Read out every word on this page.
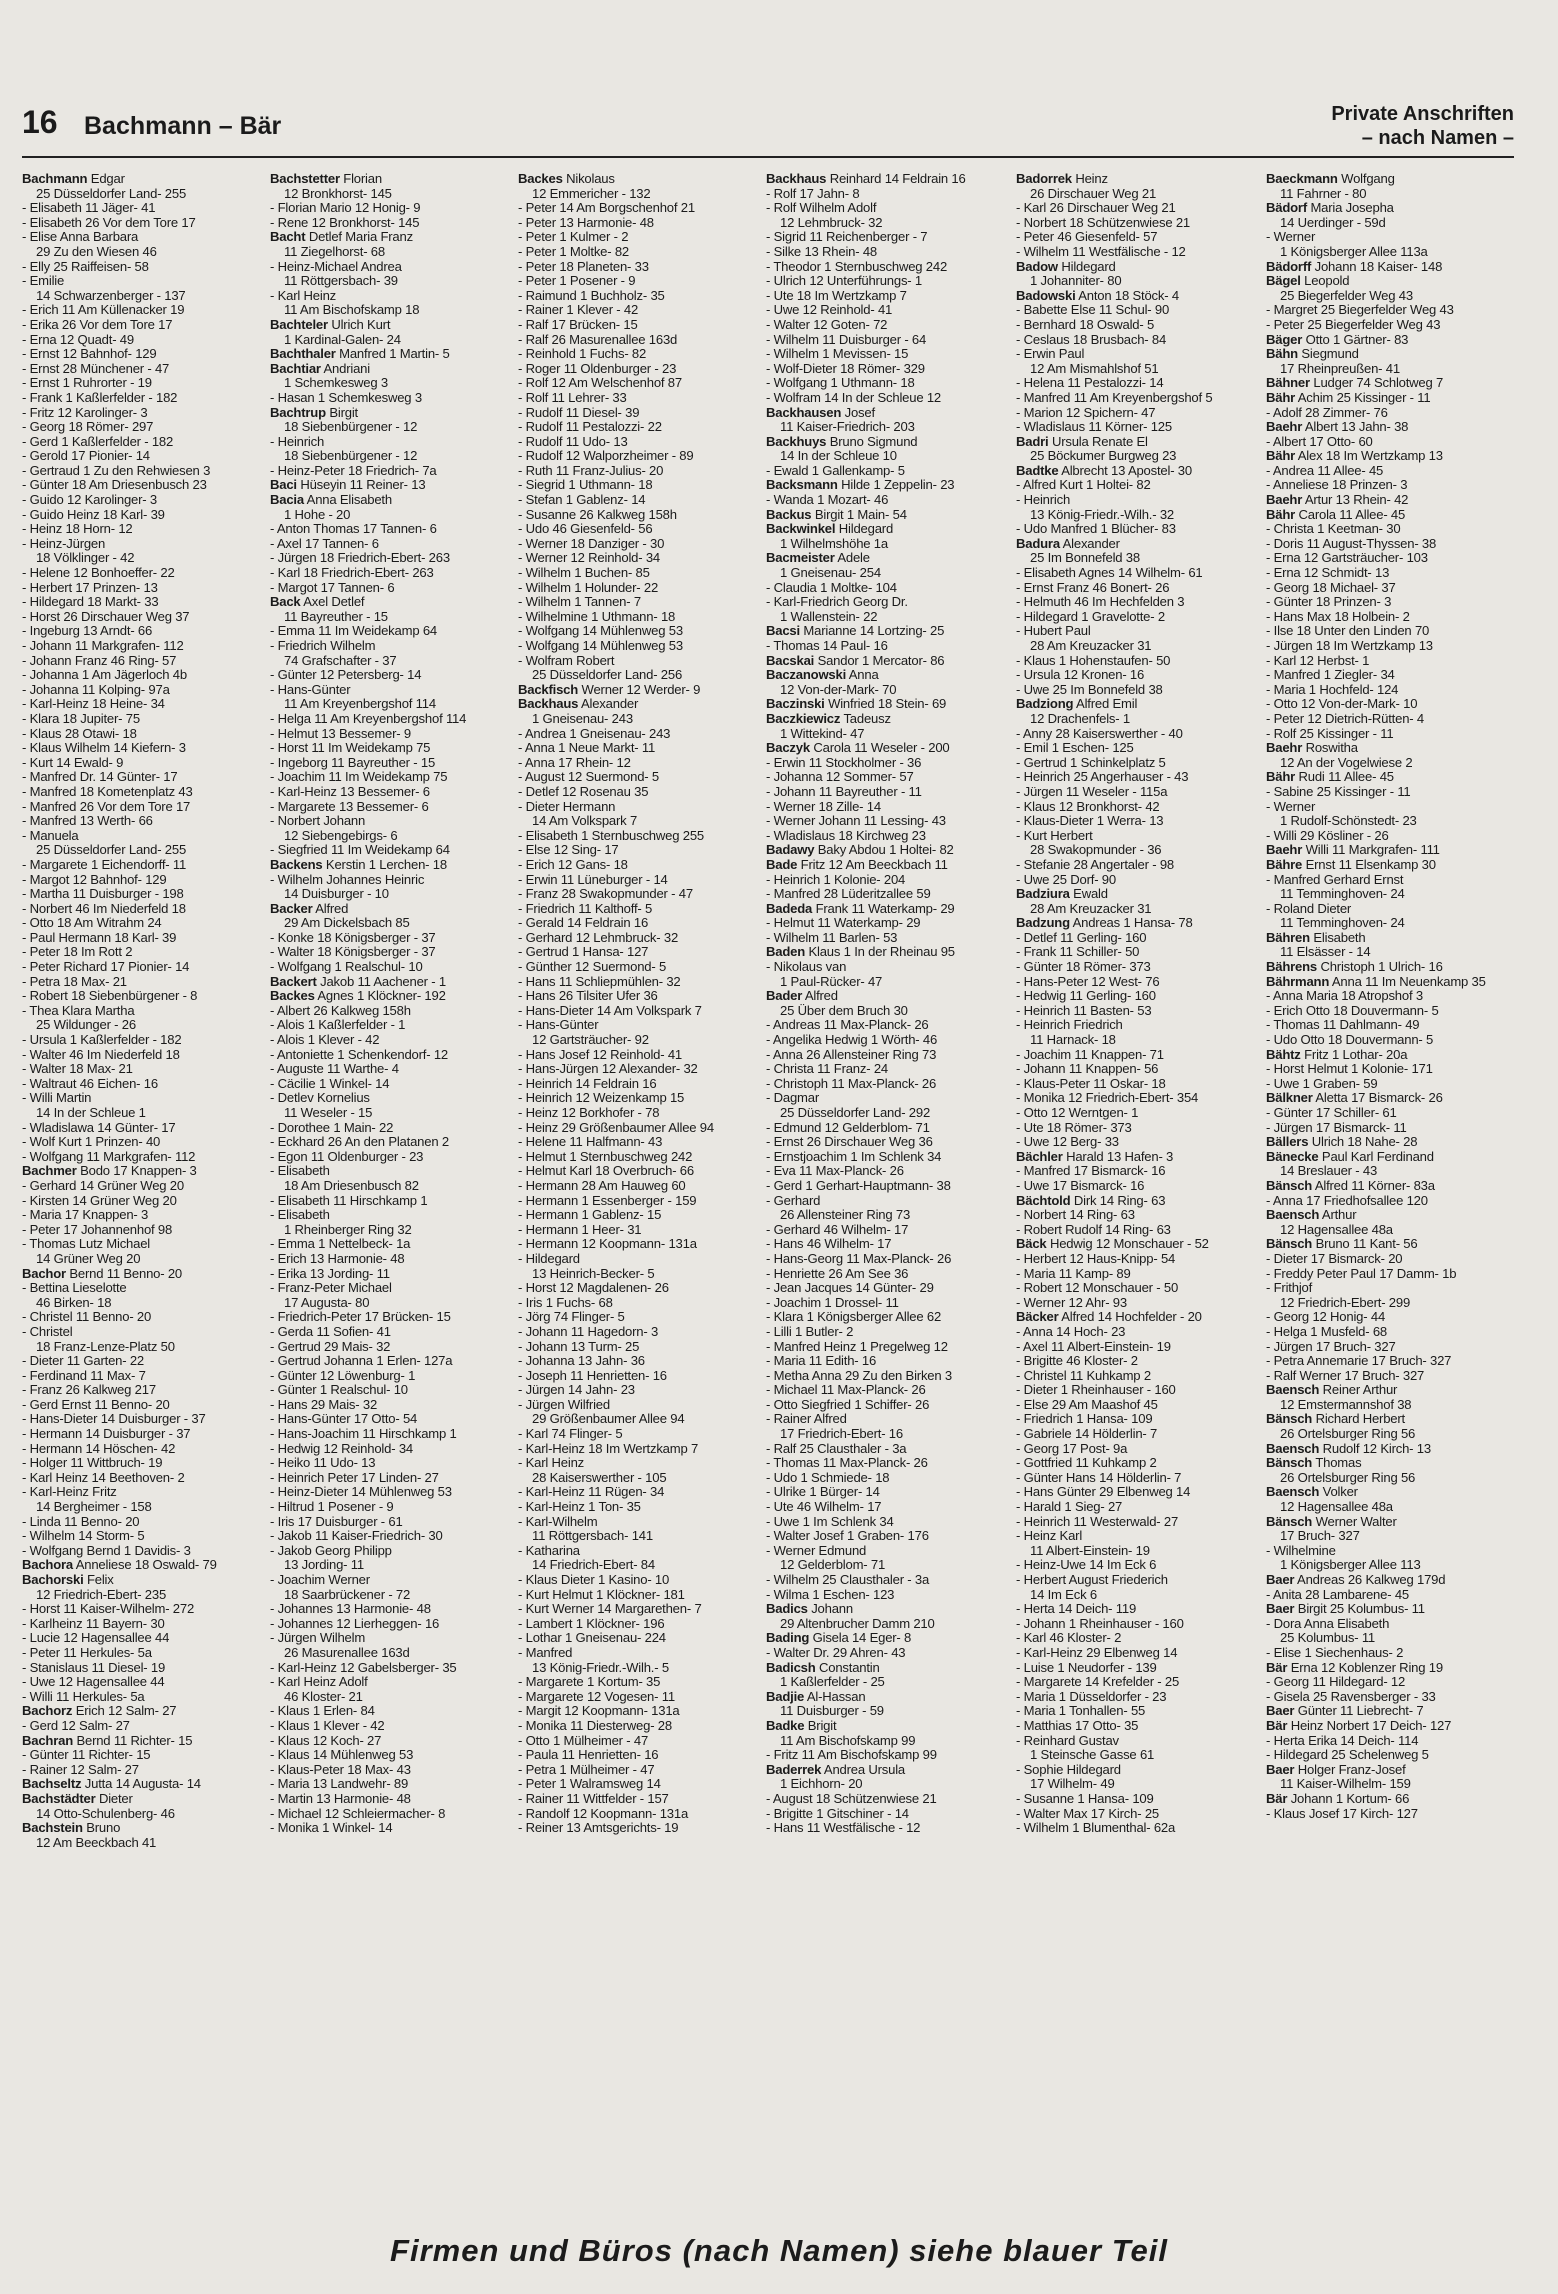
16 Bachmann – Bär	Private Anschriften
– nach Namen –
Bachmann Edgar
25 Düsseldorfer Land- 255
- Elisabeth 11 Jäger- 41
- Elisabeth 26 Vor dem Tore 17
- Elise Anna Barbara
29 Zu den Wiesen 46
- Elly 25 Raiffeisen- 58
- Emilie
14 Schwarzenberger - 137
- Erich 11 Am Küllenacker 19
- Erika 26 Vor dem Tore 17
- Erna 12 Quadt- 49
- Ernst 12 Bahnhof- 129
- Ernst 28 Münchener - 47
- Ernst 1 Ruhrorter - 19
- Frank 1 Kaßlerfelder - 182
- Fritz 12 Karolinger- 3
- Georg 18 Römer- 297
- Gerd 1 Kaßlerfelder - 182
- Gerold 17 Pionier- 14
- Gertraud 1 Zu den Rehwiesen 3
- Günter 18 Am Driesenbusch 23
- Guido 12 Karolinger- 3
- Guido Heinz 18 Karl- 39
- Heinz 18 Horn- 12
- Heinz-Jürgen
18 Völklinger - 42
- Helene 12 Bonhoeffer- 22
- Herbert 17 Prinzen- 13
- Hildegard 18 Markt- 33
- Horst 26 Dirschauer Weg 37
- Ingeburg 13 Arndt- 66
- Johann 11 Markgrafen- 112
- Johann Franz 46 Ring- 57
- Johanna 1 Am Jägerloch 4b
- Johanna 11 Kolping- 97a
- Karl-Heinz 18 Heine- 34
- Klara 18 Jupiter- 75
- Klaus 28 Otawi- 18
- Klaus Wilhelm 14 Kiefern- 3
- Kurt 14 Ewald- 9
- Manfred Dr. 14 Günter- 17
- Manfred 18 Kometenplatz 43
- Manfred 26 Vor dem Tore 17
- Manfred 13 Werth- 66
- Manuela
25 Düsseldorfer Land- 255
- Margarete 1 Eichendorff- 11
- Margot 12 Bahnhof- 129
- Martha 11 Duisburger - 198
- Norbert 46 Im Niederfeld 18
- Otto 18 Am Witrahm 24
- Paul Hermann 18 Karl- 39
- Peter 18 Im Rott 2
- Peter Richard 17 Pionier- 14
- Petra 18 Max- 21
- Robert 18 Siebenbürgener - 8
- Thea Klara Martha
25 Wildunger - 26
- Ursula 1 Kaßlerfelder - 182
- Walter 46 Im Niederfeld 18
- Walter 18 Max- 21
- Waltraut 46 Eichen- 16
- Willi Martin
14 In der Schleue 1
- Wladislawa 14 Günter- 17
- Wolf Kurt 1 Prinzen- 40
- Wolfgang 11 Markgrafen- 112
Bachmer Bodo 17 Knappen- 3
- Gerhard 14 Grüner Weg 20
- Kirsten 14 Grüner Weg 20
- Maria 17 Knappen- 3
- Peter 17 Johannenhof 98
- Thomas Lutz Michael
14 Grüner Weg 20
Bachor Bernd 11 Benno- 20
- Bettina Lieselotte
46 Birken- 18
- Christel 11 Benno- 20
- Christel
18 Franz-Lenze-Platz 50
- Dieter 11 Garten- 22
- Ferdinand 11 Max- 7
- Franz 26 Kalkweg 217
- Gerd Ernst 11 Benno- 20
- Hans-Dieter 14 Duisburger - 37
- Hermann 14 Duisburger - 37
- Hermann 14 Höschen- 42
- Holger 11 Wittbruch- 19
- Karl Heinz 14 Beethoven- 2
- Karl-Heinz Fritz
14 Bergheimer - 158
- Linda 11 Benno- 20
- Wilhelm 14 Storm- 5
- Wolfgang Bernd 1 Davidis- 3
Bachora Anneliese 18 Oswald- 79
Bachorski Felix
12 Friedrich-Ebert- 235
- Horst 11 Kaiser-Wilhelm- 272
- Karlheinz 11 Bayern- 30
- Lucie 12 Hagensallee 44
- Peter 11 Herkules- 5a
- Stanislaus 11 Diesel- 19
- Uwe 12 Hagensallee 44
- Willi 11 Herkules- 5a
Bachorz Erich 12 Salm- 27
- Gerd 12 Salm- 27
Bachran Bernd 11 Richter- 15
- Günter 11 Richter- 15
- Rainer 12 Salm- 27
Bachseltz Jutta 14 Augusta- 14
Bachstädter Dieter
14 Otto-Schulenberg- 46
Bachstein Bruno
12 Am Beeckbach 41
Bachstetter Florian
12 Bronkhorst- 145
- Florian Mario 12 Honig- 9
- Rene 12 Bronkhorst- 145
Bacht Detlef Maria Franz
11 Ziegelhorst- 68
- Heinz-Michael Andrea
11 Röttgersbach- 39
- Karl Heinz
11 Am Bischofskamp 18
Bachteler Ulrich Kurt
1 Kardinal-Galen- 24
Bachthaler Manfred 1 Martin- 5
Bachtiar Andriani
1 Schemkesweg 3
- Hasan 1 Schemkesweg 3
Bachtrup Birgit
18 Siebenbürgener - 12
- Heinrich
18 Siebenbürgener - 12
- Heinz-Peter 18 Friedrich- 7a
Baci Hüseyin 11 Reiner- 13
Bacia Anna Elisabeth
1 Hohe - 20
- Anton Thomas 17 Tannen- 6
- Axel 17 Tannen- 6
- Jürgen 18 Friedrich-Ebert- 263
- Karl 18 Friedrich-Ebert- 263
- Margot 17 Tannen- 6
Back Axel Detlef
11 Bayreuther - 15
- Emma 11 Im Weidekamp 64
- Friedrich Wilhelm
74 Grafschafter - 37
- Günter 12 Petersberg- 14
- Hans-Günter
11 Am Kreyenbergshof 114
- Helga 11 Am Kreyenbergshof 114
- Helmut 13 Bessemer- 9
- Horst 11 Im Weidekamp 75
- Ingeborg 11 Bayreuther - 15
- Joachim 11 Im Weidekamp 75
- Karl-Heinz 13 Bessemer- 6
- Margarete 13 Bessemer- 6
- Norbert Johann
12 Siebengebirgs- 6
- Siegfried 11 Im Weidekamp 64
Backens Kerstin 1 Lerchen- 18
- Wilhelm Johannes Heinric
14 Duisburger - 10
Backer Alfred
29 Am Dickelsbach 85
- Konke 18 Königsberger - 37
- Walter 18 Königsberger - 37
- Wolfgang 1 Realschul- 10
Backert Jakob 11 Aachener - 1
Backes Agnes 1 Klöckner- 192
- Albert 26 Kalkweg 158h
- Alois 1 Kaßlerfelder - 1
- Alois 1 Klever - 42
- Antoniette 1 Schenkendorf- 12
- Auguste 11 Warthe- 4
- Cäcilie 1 Winkel- 14
- Detlev Kornelius
11 Weseler - 15
- Dorothee 1 Main- 22
- Eckhard 26 An den Platanen 2
- Egon 11 Oldenburger - 23
- Elisabeth
18 Am Driesenbusch 82
- Elisabeth 11 Hirschkamp 1
- Elisabeth
1 Rheinberger Ring 32
- Emma 1 Nettelbeck- 1a
- Erich 13 Harmonie- 48
- Erika 13 Jording- 11
- Franz-Peter Michael
17 Augusta- 80
- Friedrich-Peter 17 Brücken- 15
- Gerda 11 Sofien- 41
- Gertrud 29 Mais- 32
- Gertrud Johanna 1 Erlen- 127a
- Günter 12 Löwenburg- 1
- Günter 1 Realschul- 10
- Hans 29 Mais- 32
- Hans-Günter 17 Otto- 54
- Hans-Joachim 11 Hirschkamp 1
- Hedwig 12 Reinhold- 34
- Heiko 11 Udo- 13
- Heinrich Peter 17 Linden- 27
- Heinz-Dieter 14 Mühlenweg 53
- Hiltrud 1 Posener - 9
- Iris 17 Duisburger - 61
- Jakob 11 Kaiser-Friedrich- 30
- Jakob Georg Philipp
13 Jording- 11
- Joachim Werner
18 Saarbrückener - 72
- Johannes 13 Harmonie- 48
- Johannes 12 Lierheggen- 16
- Jürgen Wilhelm
26 Masurenallee 163d
- Karl-Heinz 12 Gabelsberger- 35
- Karl Heinz Adolf
46 Kloster- 21
- Klaus 1 Erlen- 84
- Klaus 1 Klever - 42
- Klaus 12 Koch- 27
- Klaus 14 Mühlenweg 53
- Klaus-Peter 18 Max- 43
- Maria 13 Landwehr- 89
- Martin 13 Harmonie- 48
- Michael 12 Schleiermacher- 8
- Monika 1 Winkel- 14
Backes Nikolaus
12 Emmericher - 132
- Peter 14 Am Borgschenhof 21
- Peter 13 Harmonie- 48
- Peter 1 Kulmer - 2
- Peter 1 Moltke- 82
- Peter 18 Planeten- 33
- Peter 1 Posener - 9
- Raimund 1 Buchholz- 35
- Rainer 1 Klever - 42
- Ralf 17 Brücken- 15
- Ralf 26 Masurenallee 163d
- Reinhold 1 Fuchs- 82
- Roger 11 Oldenburger - 23
- Rolf 12 Am Welschenhof 87
- Rolf 11 Lehrer- 33
- Rudolf 11 Diesel- 39
- Rudolf 11 Pestalozzi- 22
- Rudolf 11 Udo- 13
- Rudolf 12 Walporzheimer - 89
- Ruth 11 Franz-Julius- 20
- Siegrid 1 Uthmann- 18
- Stefan 1 Gablenz- 14
- Susanne 26 Kalkweg 158h
- Udo 46 Giesenfeld- 56
- Werner 18 Danziger - 30
- Werner 12 Reinhold- 34
- Wilhelm 1 Buchen- 85
- Wilhelm 1 Holunder- 22
- Wilhelm 1 Tannen- 7
- Wilhelmine 1 Uthmann- 18
- Wolfgang 14 Mühlenweg 53
- Wolfgang 14 Mühlenweg 53
- Wolfram Robert
25 Düsseldorfer Land- 256
Backfisch Werner 12 Werder- 9
Backhaus Alexander
1 Gneisenau- 243
- Andrea 1 Gneisenau- 243
- Anna 1 Neue Markt- 11
- Anna 17 Rhein- 12
- August 12 Suermond- 5
- Detlef 12 Rosenau 35
- Dieter Hermann
14 Am Volkspark 7
- Elisabeth 1 Sternbuschweg 255
- Else 12 Sing- 17
- Erich 12 Gans- 18
- Erwin 11 Lüneburger - 14
- Franz 28 Swakopmunder - 47
- Friedrich 11 Kalthoff- 5
- Gerald 14 Feldrain 16
- Gerhard 12 Lehmbruck- 32
- Gertrud 1 Hansa- 127
- Günther 12 Suermond- 5
- Hans 11 Schliepmühlen- 32
- Hans 26 Tilsiter Ufer 36
- Hans-Dieter 14 Am Volkspark 7
- Hans-Günter
12 Gartsträucher- 92
- Hans Josef 12 Reinhold- 41
- Hans-Jürgen 12 Alexander- 32
- Heinrich 14 Feldrain 16
- Heinrich 12 Weizenkamp 15
- Heinz 12 Borkhofer - 78
- Heinz 29 Größenbaumer Allee 94
- Helene 11 Halfmann- 43
- Helmut 1 Sternbuschweg 242
- Helmut Karl 18 Overbruch- 66
- Hermann 28 Am Hauweg 60
- Hermann 1 Essenberger - 159
- Hermann 1 Gablenz- 15
- Hermann 1 Heer- 31
- Hermann 12 Koopmann- 131a
- Hildegard
13 Heinrich-Becker- 5
- Horst 12 Magdalenen- 26
- Iris 1 Fuchs- 68
- Jörg 74 Flinger- 5
- Johann 11 Hagedorn- 3
- Johann 13 Turm- 25
- Johanna 13 Jahn- 36
- Joseph 11 Henrietten- 16
- Jürgen 14 Jahn- 23
- Jürgen Wilfried
29 Größenbaumer Allee 94
- Karl 74 Flinger- 5
- Karl-Heinz 18 Im Wertzkamp 7
- Karl Heinz
28 Kaiserswerther - 105
- Karl-Heinz 11 Rügen- 34
- Karl-Heinz 1 Ton- 35
- Karl-Wilhelm
11 Röttgersbach- 141
- Katharina
14 Friedrich-Ebert- 84
- Klaus Dieter 1 Kasino- 10
- Kurt Helmut 1 Klöckner- 181
- Kurt Werner 14 Margarethen- 7
- Lambert 1 Klöckner- 196
- Lothar 1 Gneisenau- 224
- Manfred
13 König-Friedr.-Wilh.- 5
- Margarete 1 Kortum- 35
- Margarete 12 Vogesen- 11
- Margit 12 Koopmann- 131a
- Monika 11 Diesterweg- 28
- Otto 1 Mülheimer - 47
- Paula 11 Henrietten- 16
- Petra 1 Mülheimer - 47
- Peter 1 Walramsweg 14
- Rainer 11 Wittfelder - 157
- Randolf 12 Koopmann- 131a
- Reiner 13 Amtsgerichts- 19
Backhaus Reinhard 14 Feldrain 16
- Rolf 17 Jahn- 8
- Rolf Wilhelm Adolf
12 Lehmbruck- 32
- Sigrid 11 Reichenberger - 7
- Silke 13 Rhein- 48
- Theodor 1 Sternbuschweg 242
- Ulrich 12 Unterführungs- 1
- Ute 18 Im Wertzkamp 7
- Uwe 12 Reinhold- 41
- Walter 12 Goten- 72
- Wilhelm 11 Duisburger - 64
- Wilhelm 1 Mevissen- 15
- Wolf-Dieter 18 Römer- 329
- Wolfgang 1 Uthmann- 18
- Wolfram 14 In der Schleue 12
Backhausen Josef
11 Kaiser-Friedrich- 203
Backhuys Bruno Sigmund
14 In der Schleue 10
- Ewald 1 Gallenkamp- 5
Backsmann Hilde 1 Zeppelin- 23
- Wanda 1 Mozart- 46
Backus Birgit 1 Main- 54
Backwinkel Hildegard
1 Wilhelmshöhe 1a
Bacmeister Adele
1 Gneisenau- 254
- Claudia 1 Moltke- 104
- Karl-Friedrich Georg Dr.
1 Wallenstein- 22
Bacsi Marianne 14 Lortzing- 25
- Thomas 14 Paul- 16
Bacskai Sandor 1 Mercator- 86
Baczanowski Anna
12 Von-der-Mark- 70
Baczinski Winfried 18 Stein- 69
Baczkiewicz Tadeusz
1 Wittekind- 47
Baczyk Carola 11 Weseler - 200
- Erwin 11 Stockholmer - 36
- Johanna 12 Sommer- 57
- Johann 11 Bayreuther - 11
- Werner 18 Zille- 14
- Werner Johann 11 Lessing- 43
- Wladislaus 18 Kirchweg 23
Badawy Baky Abdou 1 Holtei- 82
Bade Fritz 12 Am Beeckbach 11
- Heinrich 1 Kolonie- 204
- Manfred 28 Lüderitzallee 59
Badeda Frank 11 Waterkamp- 29
- Helmut 11 Waterkamp- 29
- Wilhelm 11 Barlen- 53
Baden Klaus 1 In der Rheinau 95
- Nikolaus van
1 Paul-Rücker- 47
Bader Alfred
25 Über dem Bruch 30
- Andreas 11 Max-Planck- 26
- Angelika Hedwig 1 Wörth- 46
- Anna 26 Allensteiner Ring 73
- Christa 11 Franz- 24
- Christoph 11 Max-Planck- 26
- Dagmar
25 Düsseldorfer Land- 292
- Edmund 12 Gelderblom- 71
- Ernst 26 Dirschauer Weg 36
- Ernstjoachim 1 Im Schlenk 34
- Eva 11 Max-Planck- 26
- Gerd 1 Gerhart-Hauptmann- 38
- Gerhard
26 Allensteiner Ring 73
- Gerhard 46 Wilhelm- 17
- Hans 46 Wilhelm- 17
- Hans-Georg 11 Max-Planck- 26
- Henriette 26 Am See 36
- Jean Jacques 14 Günter- 29
- Joachim 1 Drossel- 11
- Klara 1 Königsberger Allee 62
- Lilli 1 Butler- 2
- Manfred Heinz 1 Pregelweg 12
- Maria 11 Edith- 16
- Metha Anna 29 Zu den Birken 3
- Michael 11 Max-Planck- 26
- Otto Siegfried 1 Schiffer- 26
- Rainer Alfred
17 Friedrich-Ebert- 16
- Ralf 25 Clausthaler - 3a
- Thomas 11 Max-Planck- 26
- Udo 1 Schmiede- 18
- Ulrike 1 Bürger- 14
- Ute 46 Wilhelm- 17
- Uwe 1 Im Schlenk 34
- Walter Josef 1 Graben- 176
- Werner Edmund
12 Gelderblom- 71
- Wilhelm 25 Clausthaler - 3a
- Wilma 1 Eschen- 123
Badics Johann
29 Altenbrucher Damm 210
Bading Gisela 14 Eger- 8
- Walter Dr. 29 Ahren- 43
Badicsh Constantin
1 Kaßlerfelder - 25
Badjie Al-Hassan
11 Duisburger - 59
Badke Brigit
11 Am Bischofskamp 99
- Fritz 11 Am Bischofskamp 99
Baderrek Andrea Ursula
1 Eichhorn- 20
- August 18 Schützenwiese 21
- Brigitte 1 Gitschiner - 14
- Hans 11 Westfälische - 12
Badorrek Heinz
26 Dirschauer Weg 21
- Karl 26 Dirschauer Weg 21
- Norbert 18 Schützenwiese 21
- Peter 46 Giesenfeld- 57
- Wilhelm 11 Westfälische - 12
Badow Hildegard
1 Johanniter- 80
Badowski Anton 18 Stöck- 4
- Babette Else 11 Schul- 90
- Bernhard 18 Oswald- 5
- Ceslaus 18 Brusbach- 84
- Erwin Paul
12 Am Mismahlshof 51
- Helena 11 Pestalozzi- 14
- Manfred 11 Am Kreyenbergshof 5
- Marion 12 Spichern- 47
- Wladislaus 11 Körner- 125
Badri Ursula Renate El
25 Böckumer Burgweg 23
Badtke Albrecht 13 Apostel- 30
- Alfred Kurt 1 Holtei- 82
- Heinrich
13 König-Friedr.-Wilh.- 32
- Udo Manfred 1 Blücher- 83
Badura Alexander
25 Im Bonnefeld 38
- Elisabeth Agnes 14 Wilhelm- 61
- Ernst Franz 46 Bonert- 26
- Helmuth 46 Im Hechfelden 3
- Hildegard 1 Gravelotte- 2
- Hubert Paul
28 Am Kreuzacker 31
- Klaus 1 Hohenstaufen- 50
- Ursula 12 Kronen- 16
- Uwe 25 Im Bonnefeld 38
Badziong Alfred Emil
12 Drachenfels- 1
- Anny 28 Kaiserswerther - 40
- Emil 1 Eschen- 125
- Gertrud 1 Schinkelplatz 5
- Heinrich 25 Angerhauser - 43
- Jürgen 11 Weseler - 115a
- Klaus 12 Bronkhorst- 42
- Klaus-Dieter 1 Werra- 13
- Kurt Herbert
28 Swakopmunder - 36
- Stefanie 28 Angertaler - 98
- Uwe 25 Dorf- 90
Badziura Ewald
28 Am Kreuzacker 31
Badzung Andreas 1 Hansa- 78
- Detlef 11 Gerling- 160
- Frank 11 Schiller- 50
- Günter 18 Römer- 373
- Hans-Peter 12 West- 76
- Hedwig 11 Gerling- 160
- Heinrich 11 Basten- 53
- Heinrich Friedrich
11 Harnack- 18
- Joachim 11 Knappen- 71
- Johann 11 Knappen- 56
- Klaus-Peter 11 Oskar- 18
- Monika 12 Friedrich-Ebert- 354
- Otto 12 Werntgen- 1
- Ute 18 Römer- 373
- Uwe 12 Berg- 33
Bächler Harald 13 Hafen- 3
- Manfred 17 Bismarck- 16
- Uwe 17 Bismarck- 16
Bächtold Dirk 14 Ring- 63
- Norbert 14 Ring- 63
- Robert Rudolf 14 Ring- 63
Bäck Hedwig 12 Monschauer - 52
- Herbert 12 Haus-Knipp- 54
- Maria 11 Kamp- 89
- Robert 12 Monschauer - 50
- Werner 12 Ahr- 93
Bäcker Alfred 14 Hochfelder - 20
- Anna 14 Hoch- 23
- Axel 11 Albert-Einstein- 19
- Brigitte 46 Kloster- 2
- Christel 11 Kuhkamp 2
- Dieter 1 Rheinhauser - 160
- Else 29 Am Maashof 45
- Friedrich 1 Hansa- 109
- Gabriele 14 Hölderlin- 7
- Georg 17 Post- 9a
- Gottfried 11 Kuhkamp 2
- Günter Hans 14 Hölderlin- 7
- Hans Günter 29 Elbenweg 14
- Harald 1 Sieg- 27
- Heinrich 11 Westerwald- 27
- Heinz Karl
11 Albert-Einstein- 19
- Heinz-Uwe 14 Im Eck 6
- Herbert August Friederich
14 Im Eck 6
- Herta 14 Deich- 119
- Johann 1 Rheinhauser - 160
- Karl 46 Kloster- 2
- Karl-Heinz 29 Elbenweg 14
- Luise 1 Neudorfer - 139
- Margarete 14 Krefelder - 25
- Maria 1 Düsseldorfer - 23
- Maria 1 Tonhallen- 55
- Matthias 17 Otto- 35
- Reinhard Gustav
1 Steinsche Gasse 61
- Sophie Hildegard
17 Wilhelm- 49
- Susanne 1 Hansa- 109
- Walter Max 17 Kirch- 25
- Wilhelm 1 Blumenthal- 62a
Baeckmann Wolfgang
11 Fahrner - 80
Bädorf Maria Josepha
14 Uerdinger - 59d
- Werner
1 Königsberger Allee 113a
Bädorff Johann 18 Kaiser- 148
Bägel Leopold
25 Biegerfelder Weg 43
- Margret 25 Biegerfelder Weg 43
- Peter 25 Biegerfelder Weg 43
Bäger Otto 1 Gärtner- 83
Bähn Siegmund
17 Rheinpreußen- 41
Bähner Ludger 74 Schlotweg 7
Bähr Achim 25 Kissinger - 11
- Adolf 28 Zimmer- 76
Baehr Albert 13 Jahn- 38
- Albert 17 Otto- 60
Bähr Alex 18 Im Wertzkamp 13
- Andrea 11 Allee- 45
- Anneliese 18 Prinzen- 3
Baehr Artur 13 Rhein- 42
Bähr Carola 11 Allee- 45
- Christa 1 Keetman- 30
- Doris 11 August-Thyssen- 38
- Erna 12 Gartsträucher- 103
- Erna 12 Schmidt- 13
- Georg 18 Michael- 37
- Günter 18 Prinzen- 3
- Hans Max 18 Holbein- 2
- Ilse 18 Unter den Linden 70
- Jürgen 18 Im Wertzkamp 13
- Karl 12 Herbst- 1
- Manfred 1 Ziegler- 34
- Maria 1 Hochfeld- 124
- Otto 12 Von-der-Mark- 10
- Peter 12 Dietrich-Rütten- 4
- Rolf 25 Kissinger - 11
Baehr Roswitha
12 An der Vogelwiese 2
Bähr Rudi 11 Allee- 45
- Sabine 25 Kissinger - 11
- Werner
1 Rudolf-Schönstedt- 23
- Willi 29 Kösliner - 26
Baehr Willi 11 Markgrafen- 111
Bähre Ernst 11 Elsenkamp 30
- Manfred Gerhard Ernst
11 Temminghoven- 24
- Roland Dieter
11 Temminghoven- 24
Bähren Elisabeth
11 Elsässer - 14
Bährens Christoph 1 Ulrich- 16
Bährmann Anna 11 Im Neuenkamp 35
- Anna Maria 18 Atropshof 3
- Erich Otto 18 Douvermann- 5
- Thomas 11 Dahlmann- 49
- Udo Otto 18 Douvermann- 5
Bähtz Fritz 1 Lothar- 20a
- Horst Helmut 1 Kolonie- 171
- Uwe 1 Graben- 59
Bälkner Aletta 17 Bismarck- 26
- Günter 17 Schiller- 61
- Jürgen 17 Bismarck- 11
Bällers Ulrich 18 Nahe- 28
Bänecke Paul Karl Ferdinand
14 Breslauer - 43
Bänsch Alfred 11 Körner- 83a
- Anna 17 Friedhofsallee 120
Baensch Arthur
12 Hagensallee 48a
Bänsch Bruno 11 Kant- 56
- Dieter 17 Bismarck- 20
- Freddy Peter Paul 17 Damm- 1b
- Frithjof
12 Friedrich-Ebert- 299
- Georg 12 Honig- 44
- Helga 1 Musfeld- 68
- Jürgen 17 Bruch- 327
- Petra Annemarie 17 Bruch- 327
- Ralf Werner 17 Bruch- 327
Baensch Reiner Arthur
12 Emstermannshof 38
Bänsch Richard Herbert
26 Ortelsburger Ring 56
Baensch Rudolf 12 Kirch- 13
Bänsch Thomas
26 Ortelsburger Ring 56
Baensch Volker
12 Hagensallee 48a
Bänsch Werner Walter
17 Bruch- 327
- Wilhelmine
1 Königsberger Allee 113
Baer Andreas 26 Kalkweg 179d
- Anita 28 Lambarene- 45
Baer Birgit 25 Kolumbus- 11
- Dora Anna Elisabeth
25 Kolumbus- 11
- Elise 1 Siechenhaus- 2
Bär Erna 12 Koblenzer Ring 19
- Georg 11 Hildegard- 12
- Gisela 25 Ravensberger - 33
Baer Günter 11 Liebrecht- 7
Bär Heinz Norbert 17 Deich- 127
- Herta Erika 14 Deich- 114
- Hildegard 25 Schelenweg 5
Baer Holger Franz-Josef
11 Kaiser-Wilhelm- 159
Bär Johann 1 Kortum- 66
- Klaus Josef 17 Kirch- 127
Firmen und Büros (nach Namen) siehe blauer Teil
